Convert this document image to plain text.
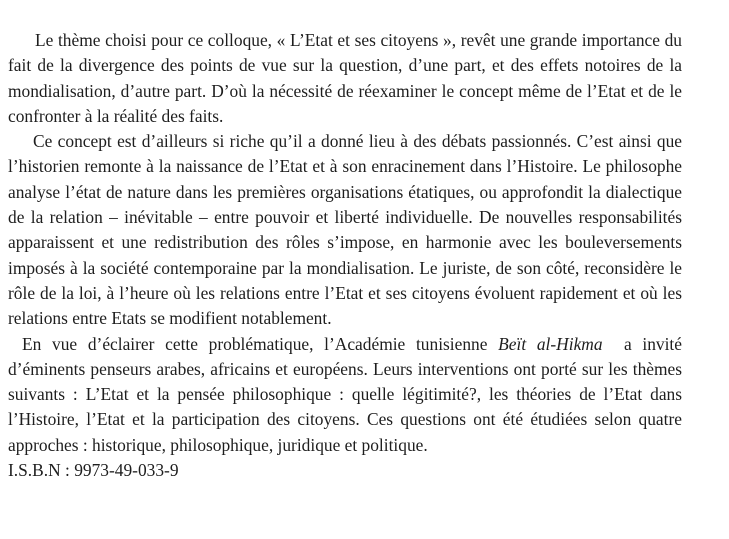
Le thème choisi pour ce colloque, « L’Etat et ses citoyens », revêt une grande importance du fait de la divergence des points de vue sur la question, d’une part, et des effets notoires de la mondialisation, d’autre part. D’où la nécessité de réexaminer le concept même de l’Etat et de le confronter à la réalité des faits.

Ce concept est d’ailleurs si riche qu’il a donné lieu à des débats passionnés. C’est ainsi que l’historien remonte à la naissance de l’Etat et à son enracinement dans l’Histoire. Le philosophe analyse l’état de nature dans les premières organisations étatiques, ou approfondit la dialectique de la relation – inévitable – entre pouvoir et liberté individuelle. De nouvelles responsabilités apparaissent et une redistribution des rôles s’impose, en harmonie avec les bouleversements imposés à la société contemporaine par la mondialisation. Le juriste, de son côté, reconsidère le rôle de la loi, à l’heure où les relations entre l’Etat et ses citoyens évoluent rapidement et où les relations entre Etats se modifient notablement.

En vue d’éclairer cette problématique, l’Académie tunisienne Beït al-Hikma  a invité d’éminents penseurs arabes, africains et européens. Leurs interventions ont porté sur les thèmes suivants : L’Etat et la pensée philosophique : quelle légitimité?, les théories de l’Etat dans l’Histoire, l’Etat et la participation des citoyens. Ces questions ont été étudiées selon quatre approches : historique, philosophique, juridique et politique.

I.S.B.N : 9973-49-033-9
